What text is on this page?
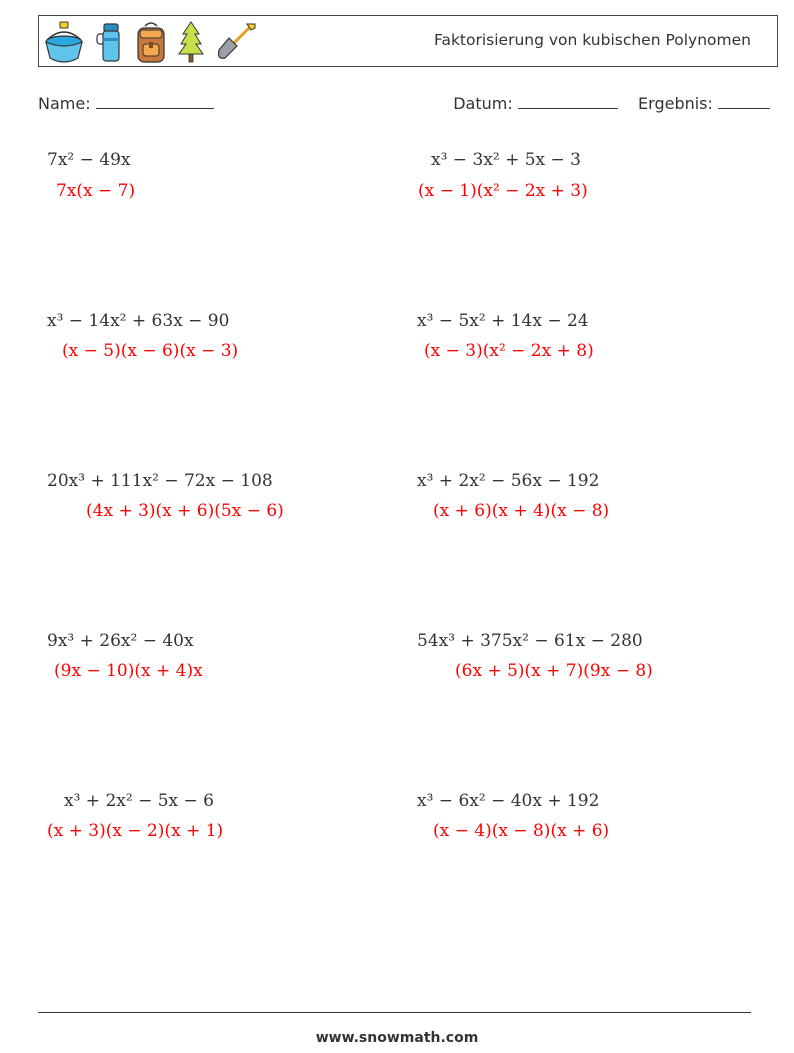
Faktorisierung von kubischen Polynomen
Name:	Datum:	Ergebnis:
7x² − 49x
7x(x − 7)
x³ − 3x² + 5x − 3
(x − 1)(x² − 2x + 3)
x³ − 14x² + 63x − 90
(x − 5)(x − 6)(x − 3)
x³ − 5x² + 14x − 24
(x − 3)(x² − 2x + 8)
20x³ + 111x² − 72x − 108
(4x + 3)(x + 6)(5x − 6)
x³ + 2x² − 56x − 192
(x + 6)(x + 4)(x − 8)
9x³ + 26x² − 40x
(9x − 10)(x + 4)x
54x³ + 375x² − 61x − 280
(6x + 5)(x + 7)(9x − 8)
x³ + 2x² − 5x − 6
(x + 3)(x − 2)(x + 1)
x³ − 6x² − 40x + 192
(x − 4)(x − 8)(x + 6)
www.snowmath.com
